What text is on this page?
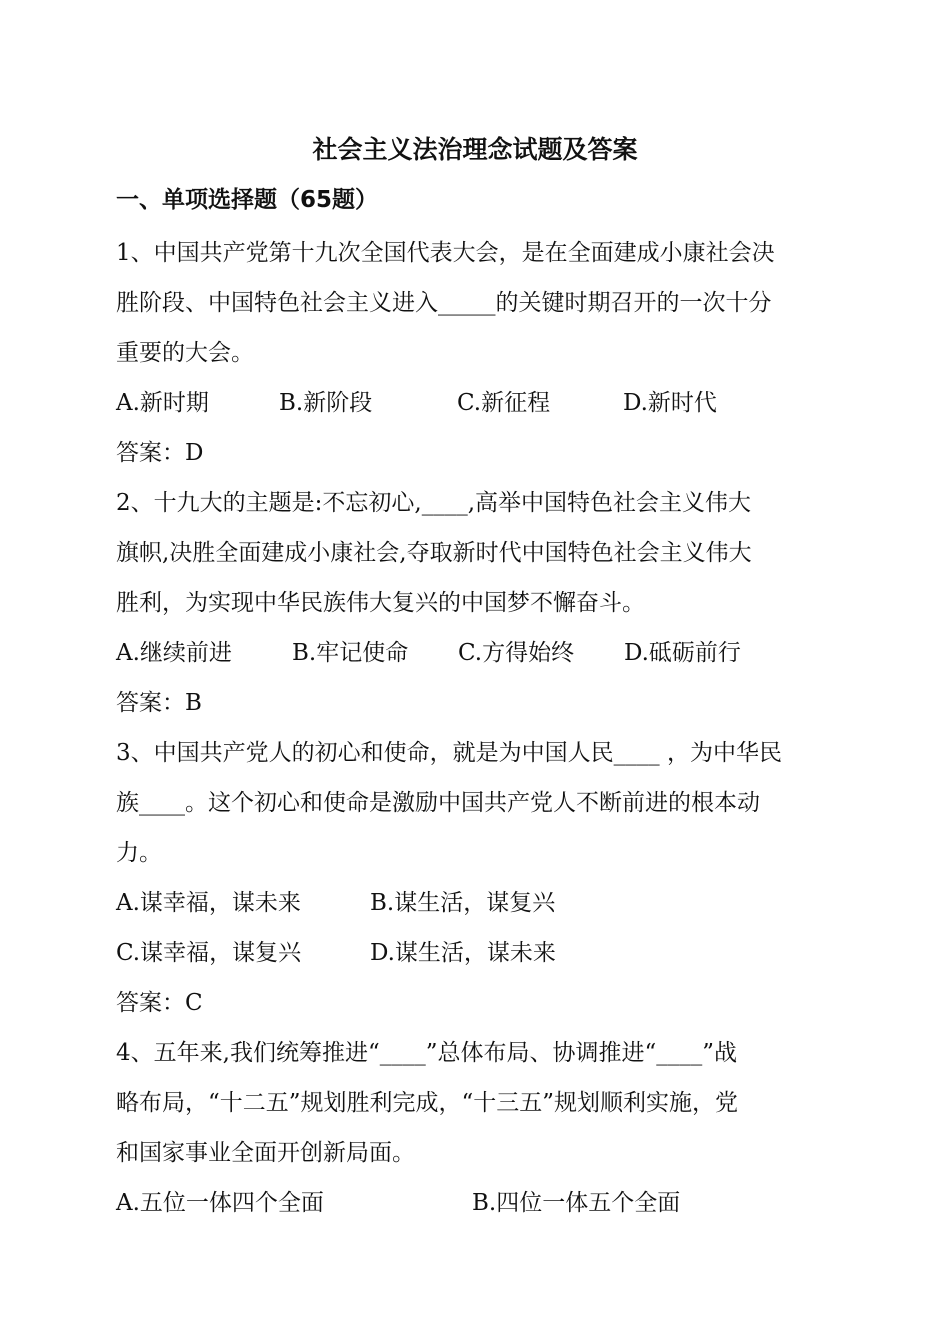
社会主义法治理念试题及答案
一、单项选择题（65题）
1、中国共产党第十九次全国代表大会，是在全面建成小康社会决
胜阶段、中国特色社会主义进入_____的关键时期召开的一次十分
重要的大会。
A.新时期	B.新阶段	C.新征程	D.新时代
答案：D
2、十九大的主题是:不忘初心,____,高举中国特色社会主义伟大
旗帜,决胜全面建成小康社会,夺取新时代中国特色社会主义伟大
胜利，为实现中华民族伟大复兴的中国梦不懈奋斗。
A.继续前进	B.牢记使命	C.方得始终	D.砥砺前行
答案：B
3、中国共产党人的初心和使命，就是为中国人民____ ，为中华民
族____。这个初心和使命是激励中国共产党人不断前进的根本动
力。
A.谋幸福，谋未来	B.谋生活，谋复兴
C.谋幸福，谋复兴	D.谋生活，谋未来
答案：C
4、五年来,我们统筹推进“____”总体布局、协调推进“____”战
略布局，“十二五”规划胜利完成，“十三五”规划顺利实施，党
和国家事业全面开创新局面。
A.五位一体四个全面	B.四位一体五个全面
